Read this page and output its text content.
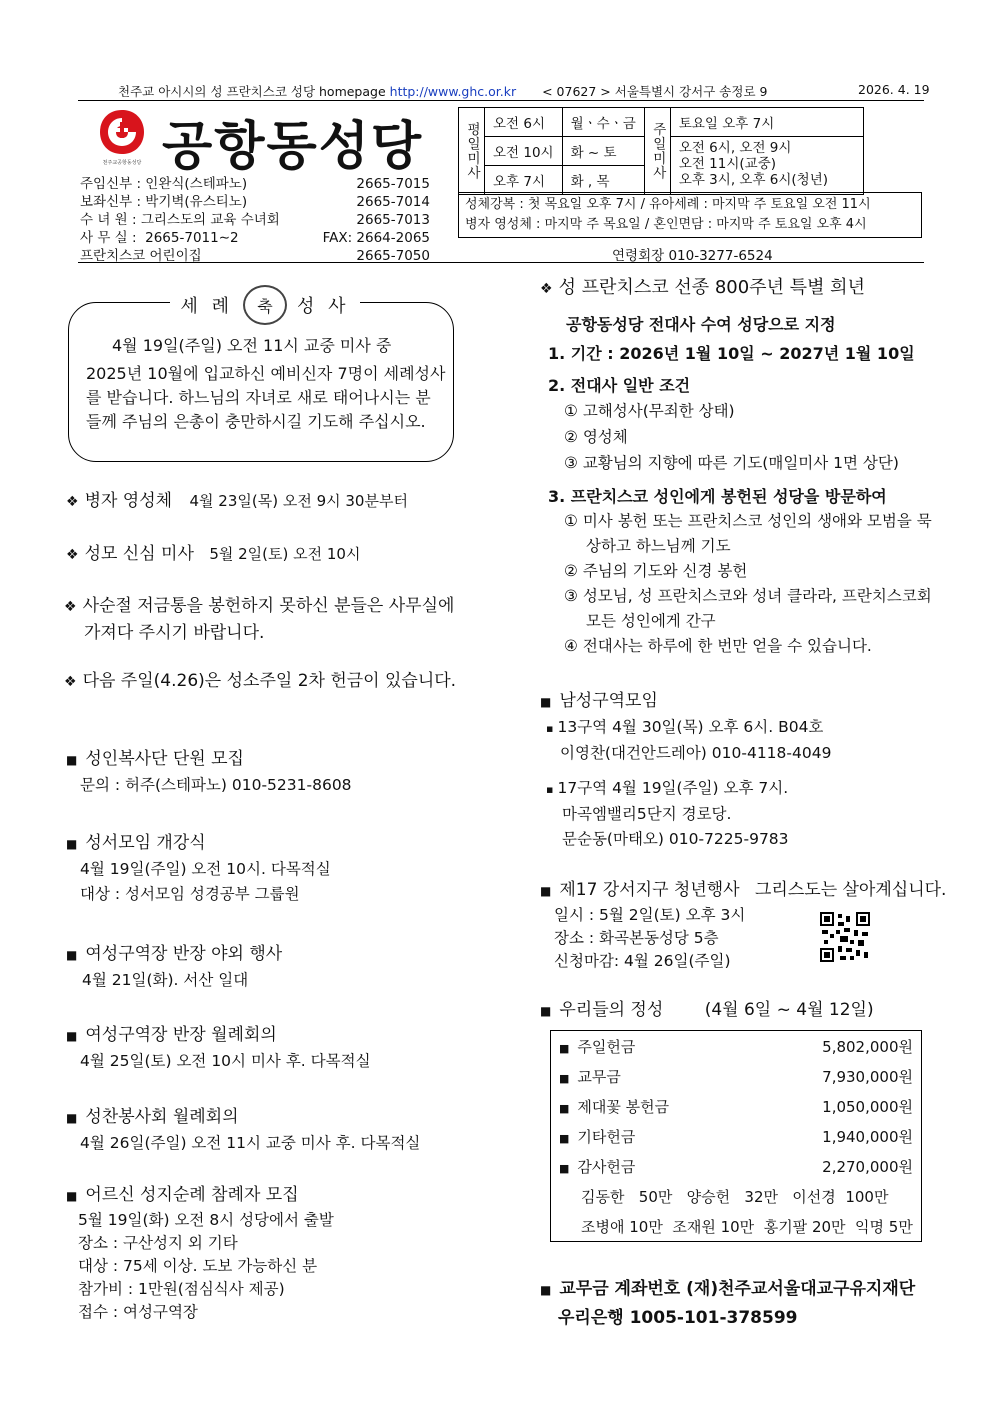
천주교 아시시의 성 프란치스코 성당 homepage http://www.ghc.or.kr < 07627 > 서울특별시 강서구 송정로 9	2026. 4. 19
천주교공항동성당 공항동성당
주임신부 : 인완식(스테파노)	2665-7015
보좌신부 : 박기벽(유스티노)	2665-7014
수 녀 원 : 그리스도의 교육 수녀회	2665-7013
사 무 실 :  2665-7011∼2	FAX: 2664-2065
프란치스코 어린이집	2665-7050
평일미사	오전 6시	월ㆍ수ㆍ금	주일미사	토요일 오후 7시
	오전 10시	화 ~ 토		오전 6시, 오전 9시
오전 11시(교중)
오후 3시, 오후 6시(청년)
	오후 7시	화 , 목		
성체강복 : 첫 목요일 오후 7시 / 유아세례 : 마지막 주 토요일 오전 11시
병자 영성체 : 마지막 주 목요일 / 혼인면담 : 마지막 주 토요일 오후 4시
연령회장 010-3277-6524
세 례 축 성 사
4월 19일(주일) 오전 11시 교중 미사 중
2025년 10월에 입교하신 예비신자 7명이 세례성사를 받습니다. 하느님의 자녀로 새로 태어나시는 분들께 주님의 은총이 충만하시길 기도해 주십시오.
❖ 병자 영성체 4월 23일(목) 오전 9시 30분부터
❖ 성모 신심 미사 5월 2일(토) 오전 10시
❖ 사순절 저금통을 봉헌하지 못하신 분들은 사무실에 가져다 주시기 바랍니다.
❖ 다음 주일(4.26)은 성소주일 2차 헌금이 있습니다.
■ 성인복사단 단원 모집
문의 : 허주(스테파노) 010-5231-8608
■ 성서모임 개강식
4월 19일(주일) 오전 10시. 다목적실
대상 : 성서모임 성경공부 그룹원
■ 여성구역장 반장 야외 행사
4월 21일(화). 서산 일대
■ 여성구역장 반장 월례회의
4월 25일(토) 오전 10시 미사 후. 다목적실
■ 성찬봉사회 월례회의
4월 26일(주일) 오전 11시 교중 미사 후. 다목적실
■ 어르신 성지순례 참례자 모집
5월 19일(화) 오전 8시 성당에서 출발
장소 : 구산성지 외 기타
대상 : 75세 이상. 도보 가능하신 분
참가비 : 1만원(점심식사 제공)
접수 : 여성구역장
❖ 성 프란치스코 선종 800주년 특별 희년
공항동성당 전대사 수여 성당으로 지정
1. 기간 : 2026년 1월 10일 ~ 2027년 1월 10일
2. 전대사 일반 조건
① 고해성사(무죄한 상태)
② 영성체
③ 교황님의 지향에 따른 기도(매일미사 1면 상단)
3. 프란치스코 성인에게 봉헌된 성당을 방문하여
① 미사 봉헌 또는 프란치스코 성인의 생애와 모범을 묵상하고 하느님께 기도
② 주님의 기도와 신경 봉헌
③ 성모님, 성 프란치스코와 성녀 클라라, 프란치스코회 모든 성인에게 간구
④ 전대사는 하루에 한 번만 얻을 수 있습니다.
■ 남성구역모임
▪ 13구역 4월 30일(목) 오후 6시. B04호
이영찬(대건안드레아) 010-4118-4049
▪ 17구역 4월 19일(주일) 오후 7시.
마곡엠밸리5단지 경로당.
문순동(마태오) 010-7225-9783
■ 제17 강서지구 청년행사 그리스도는 살아계십니다.
일시 : 5월 2일(토) 오후 3시
장소 : 화곡본동성당 5층
신청마감: 4월 26일(주일)
■ 우리들의 정성 (4월 6일 ~ 4월 12일)
■ 주일헌금	5,802,000원
■ 교무금	7,930,000원
■ 제대꽃 봉헌금	1,050,000원
■ 기타헌금	1,940,000원
■ 감사헌금	2,270,000원
김동한   50만   양승헌   32만   이선경  100만	
조병애 10만  조재원 10만  홍기팔 20만  익명 5만	
■ 교무금 계좌번호 (재)천주교서울대교구유지재단
우리은행 1005-101-378599
